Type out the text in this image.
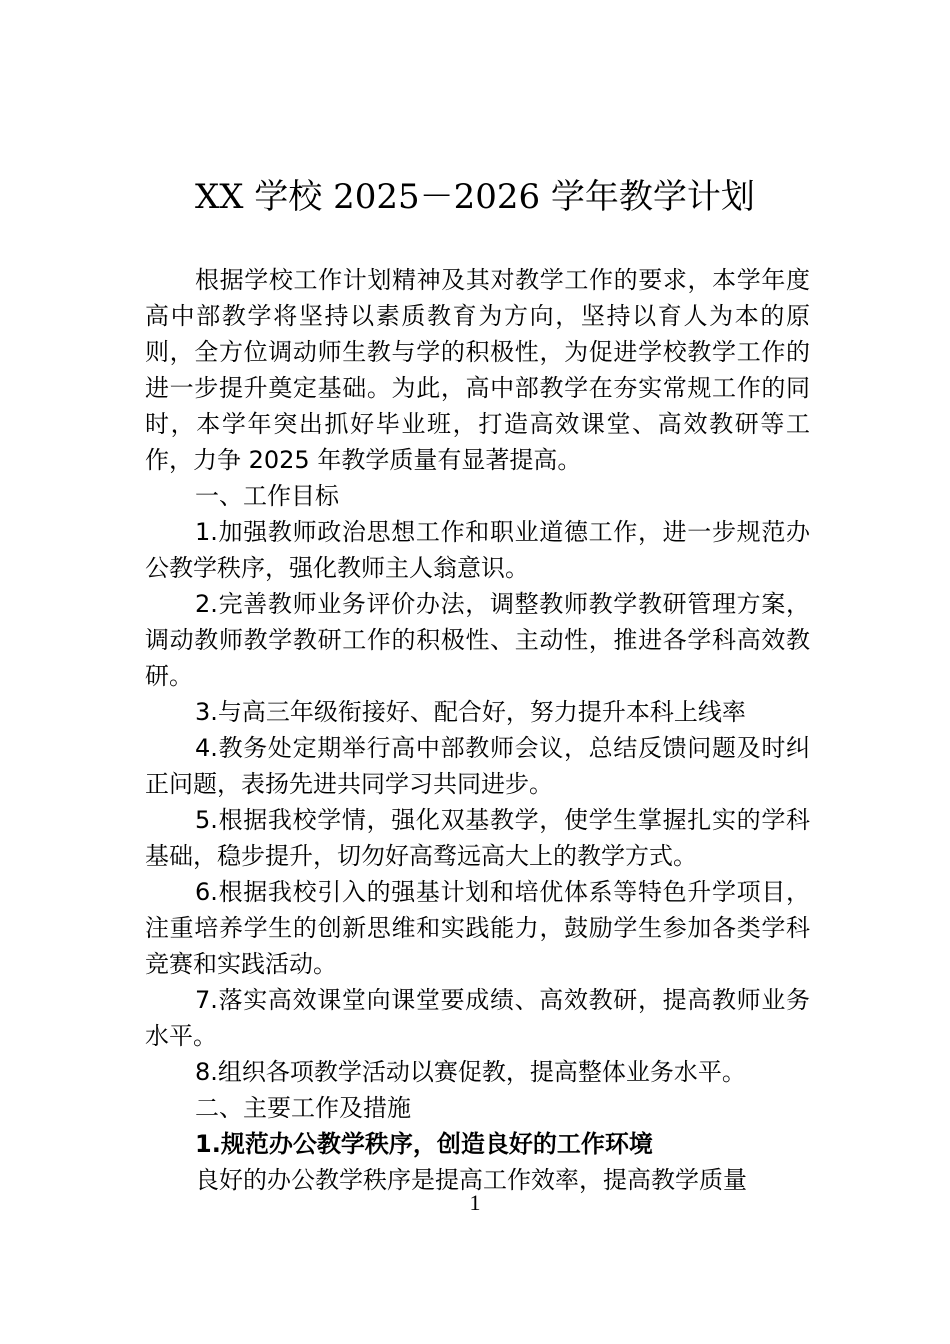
XX 学校 2025－2026 学年教学计划

根据学校工作计划精神及其对教学工作的要求，本学年度高中部教学将坚持以素质教育为方向，坚持以育人为本的原则，全方位调动师生教与学的积极性，为促进学校教学工作的进一步提升奠定基础。为此，高中部教学在夯实常规工作的同时，本学年突出抓好毕业班，打造高效课堂、高效教研等工作，力争 2025 年教学质量有显著提高。

一、工作目标

1.加强教师政治思想工作和职业道德工作，进一步规范办公教学秩序，强化教师主人翁意识。

2.完善教师业务评价办法，调整教师教学教研管理方案，调动教师教学教研工作的积极性、主动性，推进各学科高效教研。

3.与高三年级衔接好、配合好，努力提升本科上线率

4.教务处定期举行高中部教师会议，总结反馈问题及时纠正问题，表扬先进共同学习共同进步。

5.根据我校学情，强化双基教学，使学生掌握扎实的学科基础，稳步提升，切勿好高骛远高大上的教学方式。

6.根据我校引入的强基计划和培优体系等特色升学项目，注重培养学生的创新思维和实践能力，鼓励学生参加各类学科竞赛和实践活动。

7.落实高效课堂向课堂要成绩、高效教研，提高教师业务水平。

8.组织各项教学活动以赛促教，提高整体业务水平。

二、主要工作及措施

1.规范办公教学秩序，创造良好的工作环境

良好的办公教学秩序是提高工作效率，提高教学质量

1
